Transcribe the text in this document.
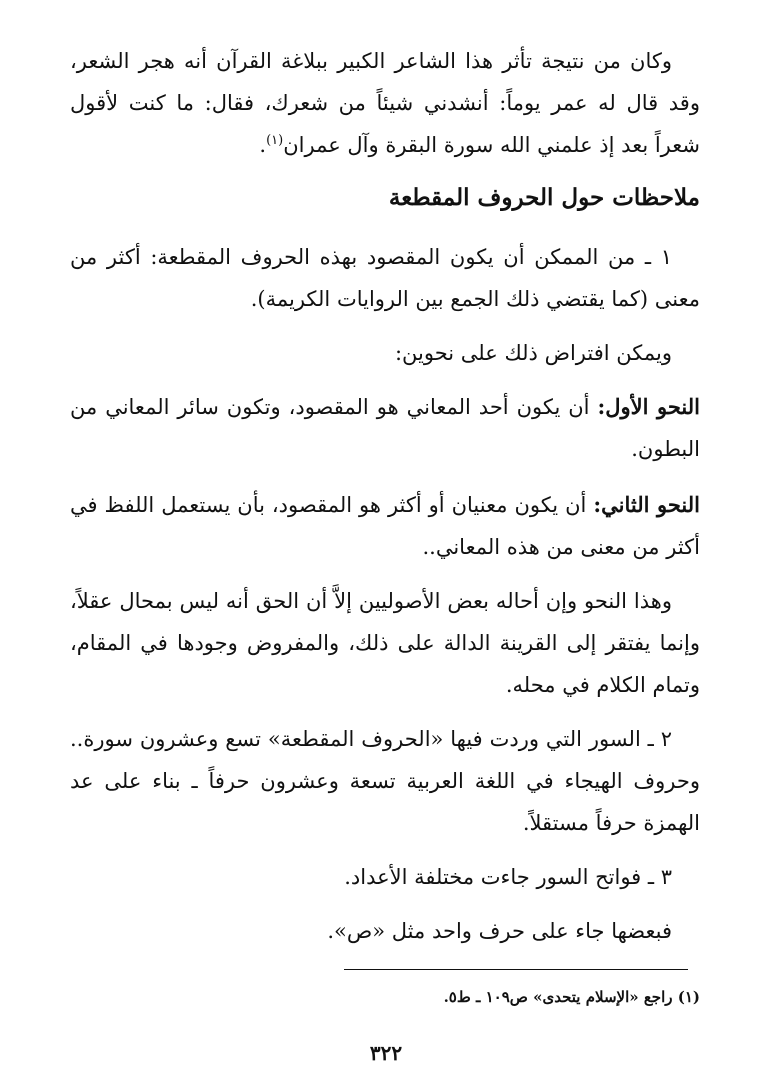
وكان من نتيجة تأثر هذا الشاعر الكبير ببلاغة القرآن أنه هجر الشعر، وقد قال له عمر يوماً: أنشدني شيئاً من شعرك، فقال: ما كنت لأقول شعراً بعد إذ علمني الله سورة البقرة وآل عمران$^{(١)}$.

ملاحظات حول الحروف المقطعة

١ ـ من الممكن أن يكون المقصود بهذه الحروف المقطعة: أكثر من معنى (كما يقتضي ذلك الجمع بين الروايات الكريمة).

ويمكن افتراض ذلك على نحوين:

النحو الأول: أن يكون أحد المعاني هو المقصود، وتكون سائر المعاني من البطون.

النحو الثاني: أن يكون معنيان أو أكثر هو المقصود، بأن يستعمل اللفظ في أكثر من معنى من هذه المعاني..

وهذا النحو وإن أحاله بعض الأصوليين إلاَّ أن الحق أنه ليس بمحال عقلاً، وإنما يفتقر إلى القرينة الدالة على ذلك، والمفروض وجودها في المقام، وتمام الكلام في محله.

٢ ـ السور التي وردت فيها «الحروف المقطعة» تسع وعشرون سورة.. وحروف الهيجاء في اللغة العربية تسعة وعشرون حرفاً ـ بناء على عد الهمزة حرفاً مستقلاً.

٣ ـ فواتح السور جاءت مختلفة الأعداد.

فبعضها جاء على حرف واحد مثل «ص».

(١) راجع «الإسلام يتحدى» ص١٠٩ ـ ط٥.

٣٢٢
